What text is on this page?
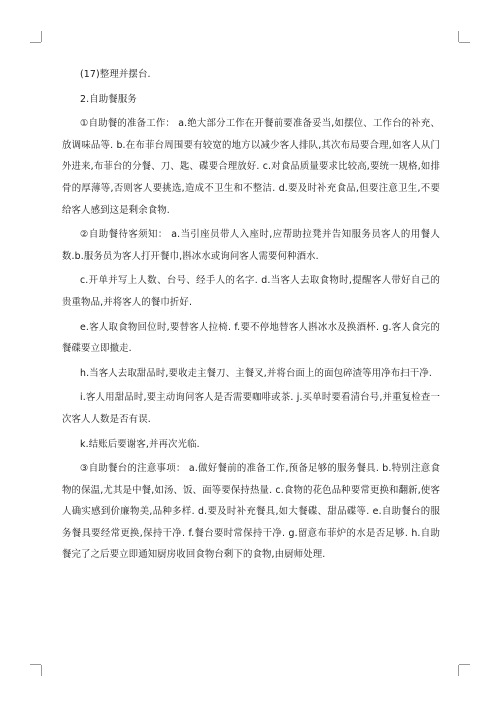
(17)整理并摆台.

2.自助餐服务

①自助餐的准备工作： a.绝大部分工作在开餐前要准备妥当,如摆位、工作台的补充、放调味品等. b.在布菲台周围要有较宽的地方以减少客人排队,其次布局要合理,如客人从门外进来,布菲台的分餐、刀、匙、碟要合理放好. c.对食品质量要求比较高,要统一规格,如排骨的厚薄等,否则客人要挑选,造成不卫生和不整洁. d.要及时补充食品,但要注意卫生,不要给客人感到这是剩余食物.

②自助餐待客须知： a.当引座员带人入座时,应帮助拉凳并告知服务员客人的用餐人数.b.服务员为客人打开餐巾,斟冰水或询问客人需要何种酒水.

c.开单并写上人数、台号、经手人的名字. d.当客人去取食物时,提醒客人带好自己的贵重物品,并将客人的餐巾折好.

e.客人取食物回位时,要替客人拉椅. f.要不停地替客人斟冰水及换酒杯. g.客人食完的餐碟要立即撤走.

h.当客人去取甜品时,要收走主餐刀、主餐叉,并将台面上的面包碎渣等用净布扫干净.

i.客人用甜品时,要主动询问客人是否需要咖啡或茶. j.买单时要看清台号,并重复检查一次客人人数是否有误.

k.结账后要谢客,并再次光临.

③自助餐台的注意事项： a.做好餐前的准备工作,预备足够的服务餐具. b.特别注意食物的保温,尤其是中餐,如汤、饭、面等要保持热量. c.食物的花色品种要常更换和翻新,使客人确实感到价廉物美,品种多样. d.要及时补充餐具,如大餐碟、甜品碟等. e.自助餐台的服务餐具要经常更换,保持干净. f.餐台要时常保持干净. g.留意布菲炉的水是否足够. h.自助餐完了之后要立即通知厨房收回食物台剩下的食物,由厨师处理.
